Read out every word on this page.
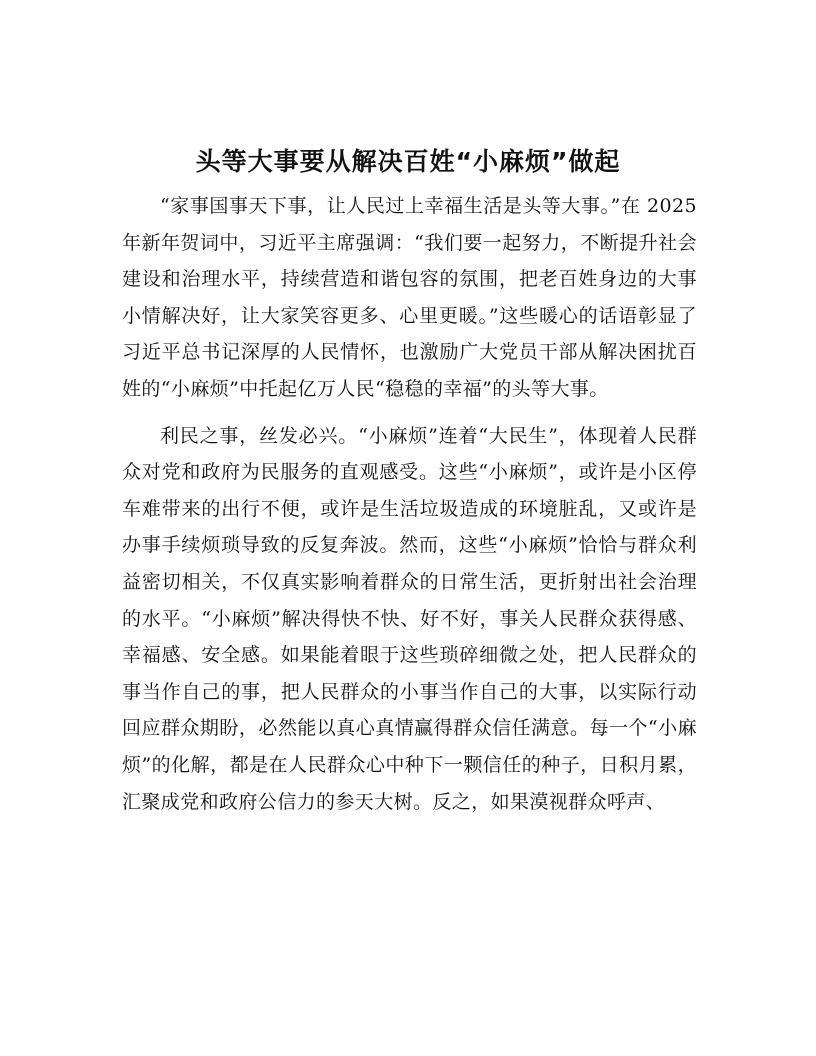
头等大事要从解决百姓“小麻烦”做起

“家事国事天下事，让人民过上幸福生活是头等大事。”在 2025 年新年贺词中，习近平主席强调：“我们要一起努力，不断提升社会建设和治理水平，持续营造和谐包容的氛围，把老百姓身边的大事小情解决好，让大家笑容更多、心里更暖。”这些暖心的话语彰显了习近平总书记深厚的人民情怀，也激励广大党员干部从解决困扰百姓的“小麻烦”中托起亿万人民“稳稳的幸福”的头等大事。

利民之事，丝发必兴。“小麻烦”连着“大民生”，体现着人民群众对党和政府为民服务的直观感受。这些“小麻烦”，或许是小区停车难带来的出行不便，或许是生活垃圾造成的环境脏乱，又或许是办事手续烦琐导致的反复奔波。然而，这些“小麻烦”恰恰与群众利益密切相关，不仅真实影响着群众的日常生活，更折射出社会治理的水平。“小麻烦”解决得快不快、好不好，事关人民群众获得感、幸福感、安全感。如果能着眼于这些琐碎细微之处，把人民群众的事当作自己的事，把人民群众的小事当作自己的大事，以实际行动回应群众期盼，必然能以真心真情赢得群众信任满意。每一个“小麻烦”的化解，都是在人民群众心中种下一颗信任的种子，日积月累，汇聚成党和政府公信力的参天大树。反之，如果漠视群众呼声、
